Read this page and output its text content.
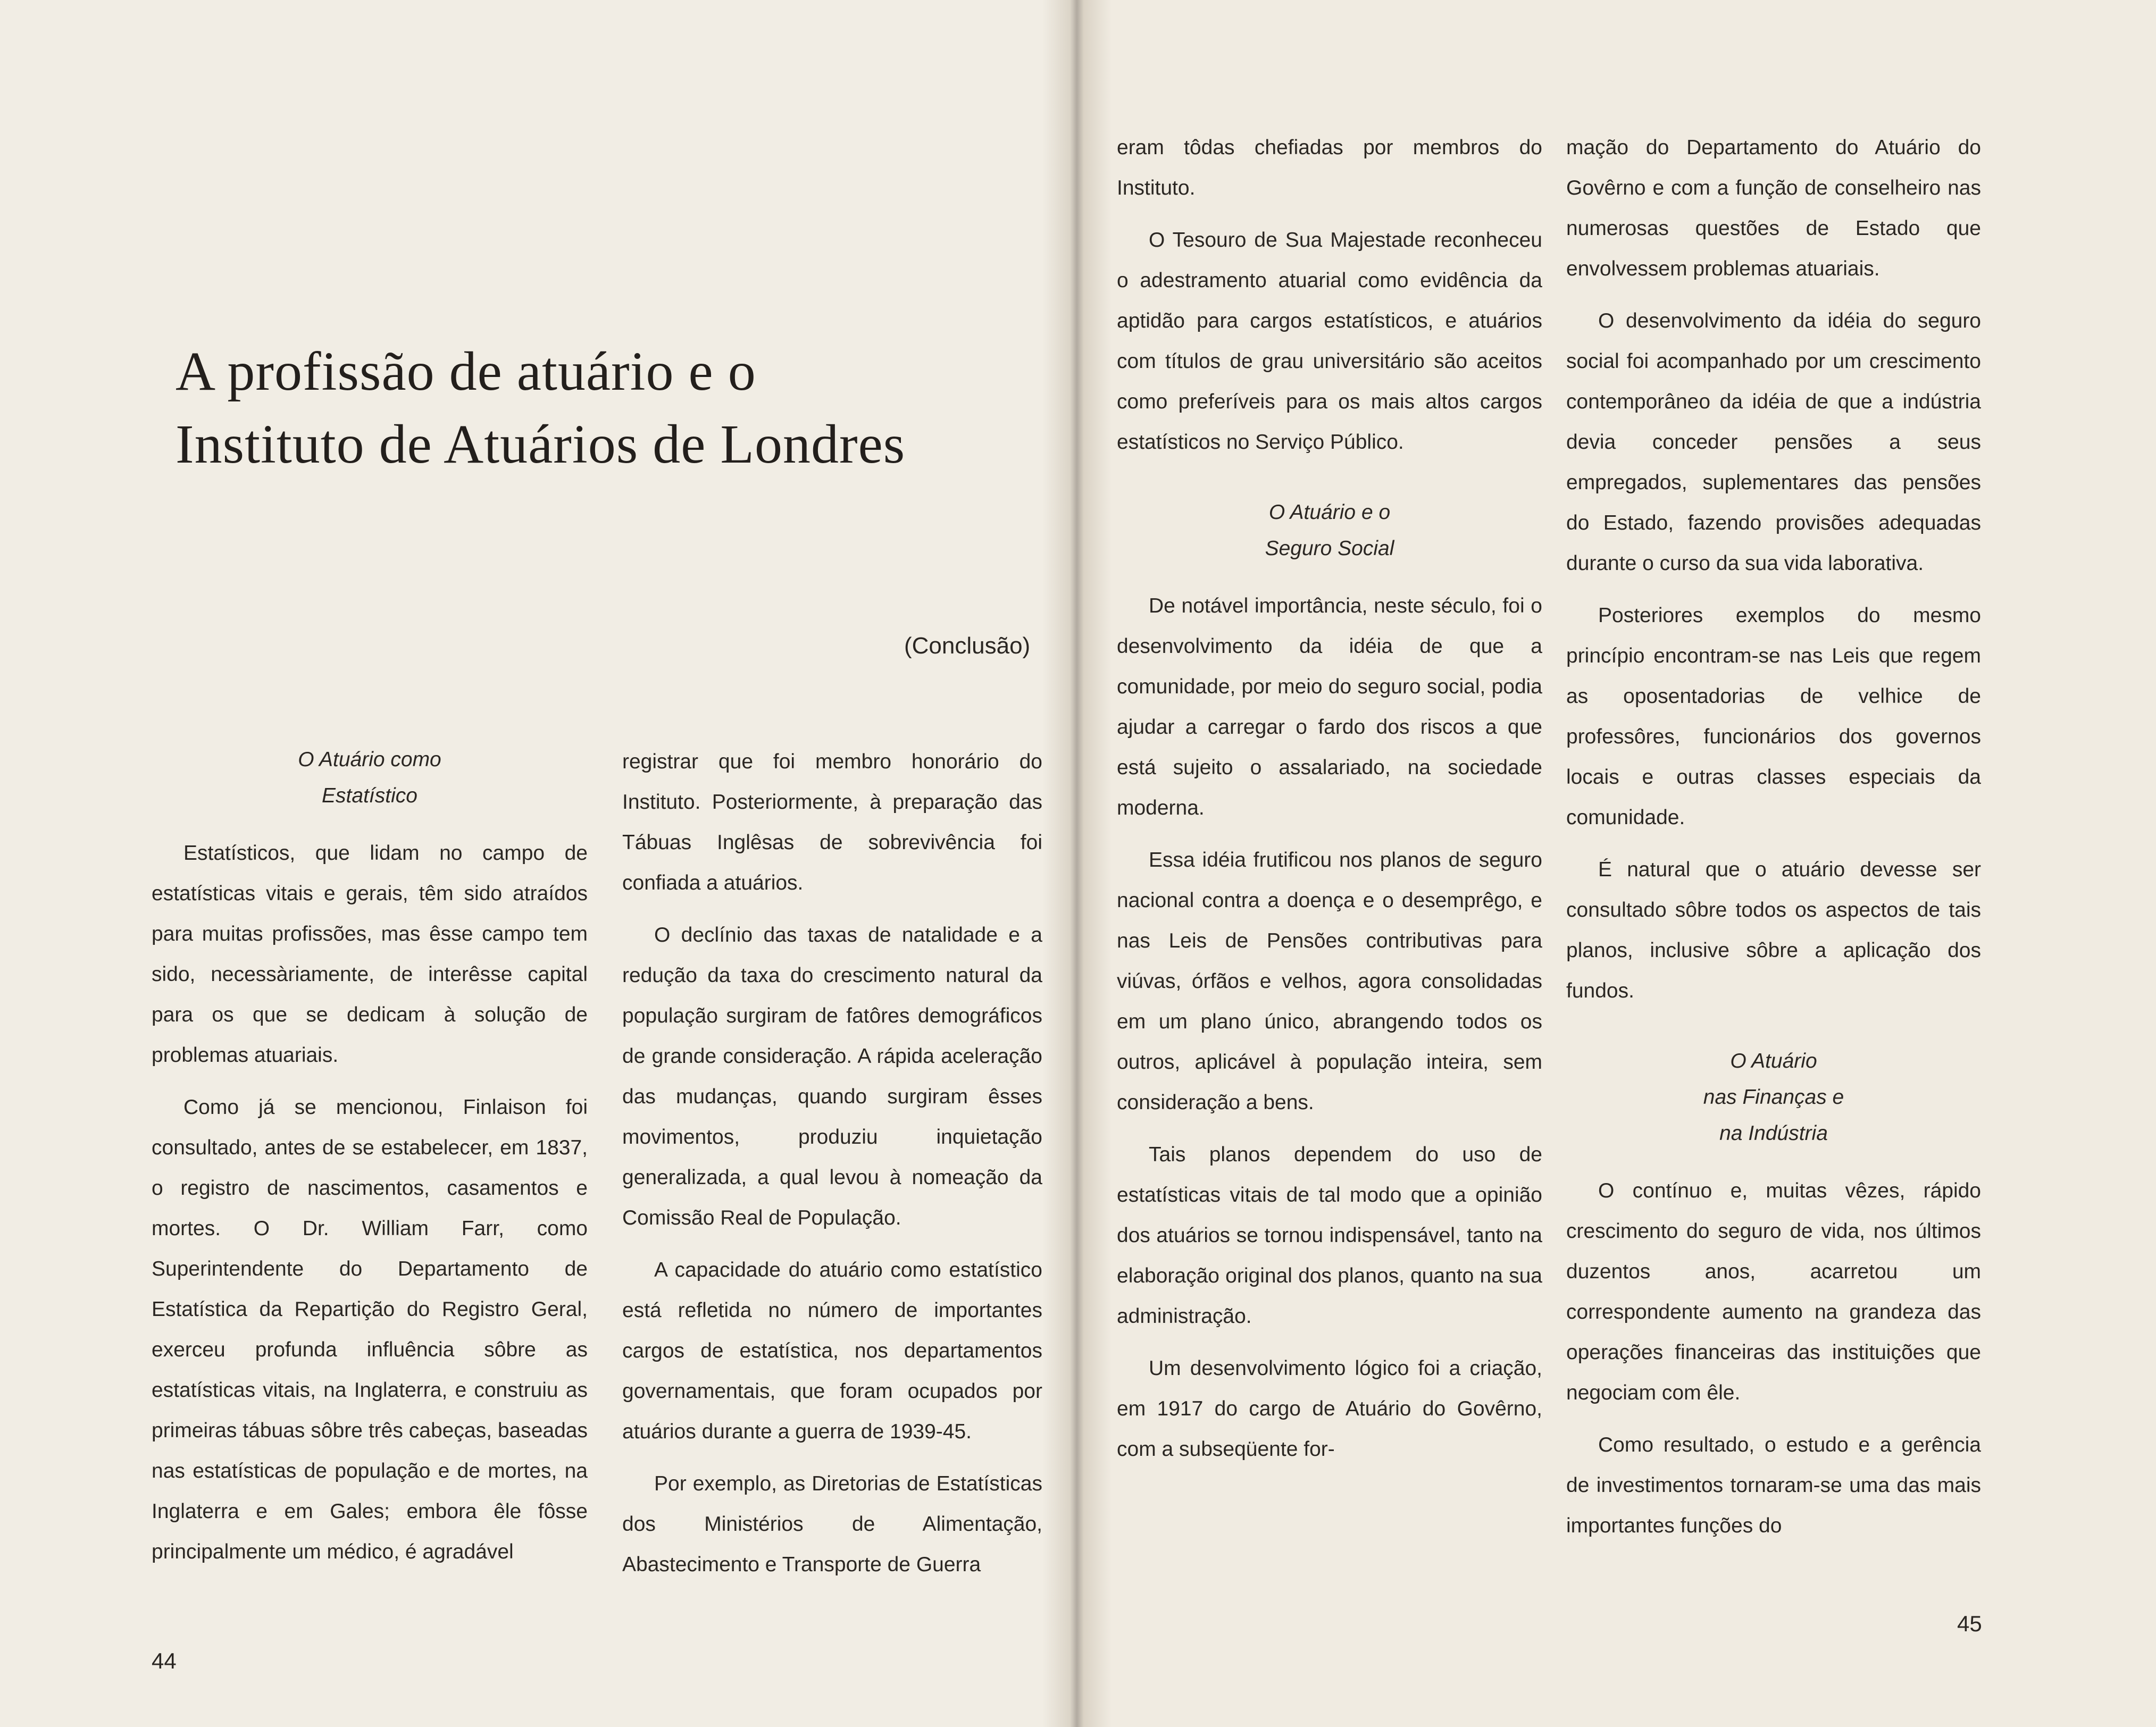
A profissão de atuário e o
Instituto de Atuários de Londres
(Conclusão)
O Atuário como
Estatístico

Estatísticos, que lidam no campo de estatísticas vitais e gerais, têm sido atraídos para muitas profissões, mas êsse campo tem sido, necessàriamente, de interêsse capital para os que se dedicam à solução de problemas atuariais.

Como já se mencionou, Finlaison foi consultado, antes de se estabelecer, em 1837, o registro de nascimentos, casamentos e mortes. O Dr. William Farr, como Superintendente do Departamento de Estatística da Repartição do Registro Geral, exerceu profunda influência sôbre as estatísticas vitais, na Inglaterra, e construiu as primeiras tábuas sôbre três cabeças, baseadas nas estatísticas de população e de mortes, na Inglaterra e em Gales; embora êle fôsse principalmente um médico, é agradável

registrar que foi membro honorário do Instituto. Posteriormente, à preparação das Tábuas Inglêsas de sobrevivência foi confiada a atuários.

O declínio das taxas de natalidade e a redução da taxa do crescimento natural da população surgiram de fatôres demográficos de grande consideração. A rápida aceleração das mudanças, quando surgiram êsses movimentos, produziu inquietação generalizada, a qual levou à nomeação da Comissão Real de População.

A capacidade do atuário como estatístico está refletida no número de importantes cargos de estatística, nos departamentos governamentais, que foram ocupados por atuários durante a guerra de 1939-45.

Por exemplo, as Diretorias de Estatísticas dos Ministérios de Alimentação, Abastecimento e Transporte de Guerra

44

eram tôdas chefiadas por membros do Instituto.

O Tesouro de Sua Majestade reconheceu o adestramento atuarial como evidência da aptidão para cargos estatísticos, e atuários com títulos de grau universitário são aceitos como preferíveis para os mais altos cargos estatísticos no Serviço Público.

O Atuário e o
Seguro Social

De notável importância, neste século, foi o desenvolvimento da idéia de que a comunidade, por meio do seguro social, podia ajudar a carregar o fardo dos riscos a que está sujeito o assalariado, na sociedade moderna.

Essa idéia frutificou nos planos de seguro nacional contra a doença e o desemprêgo, e nas Leis de Pensões contributivas para viúvas, órfãos e velhos, agora consolidadas em um plano único, abrangendo todos os outros, aplicável à população inteira, sem consideração a bens.

Tais planos dependem do uso de estatísticas vitais de tal modo que a opinião dos atuários se tornou indispensável, tanto na elaboração original dos planos, quanto na sua administração.

Um desenvolvimento lógico foi a criação, em 1917 do cargo de Atuário do Govêrno, com a subseqüente for-

mação do Departamento do Atuário do Govêrno e com a função de conselheiro nas numerosas questões de Estado que envolvessem problemas atuariais.

O desenvolvimento da idéia do seguro social foi acompanhado por um crescimento contemporâneo da idéia de que a indústria devia conceder pensões a seus empregados, suplementares das pensões do Estado, fazendo provisões adequadas durante o curso da sua vida laborativa.

Posteriores exemplos do mesmo princípio encontram-se nas Leis que regem as oposentadorias de velhice de professôres, funcionários dos governos locais e outras classes especiais da comunidade.

É natural que o atuário devesse ser consultado sôbre todos os aspectos de tais planos, inclusive sôbre a aplicação dos fundos.

O Atuário
nas Finanças e
na Indústria

O contínuo e, muitas vêzes, rápido crescimento do seguro de vida, nos últimos duzentos anos, acarretou um correspondente aumento na grandeza das operações financeiras das instituições que negociam com êle.

Como resultado, o estudo e a gerência de investimentos tornaram-se uma das mais importantes funções do

45
